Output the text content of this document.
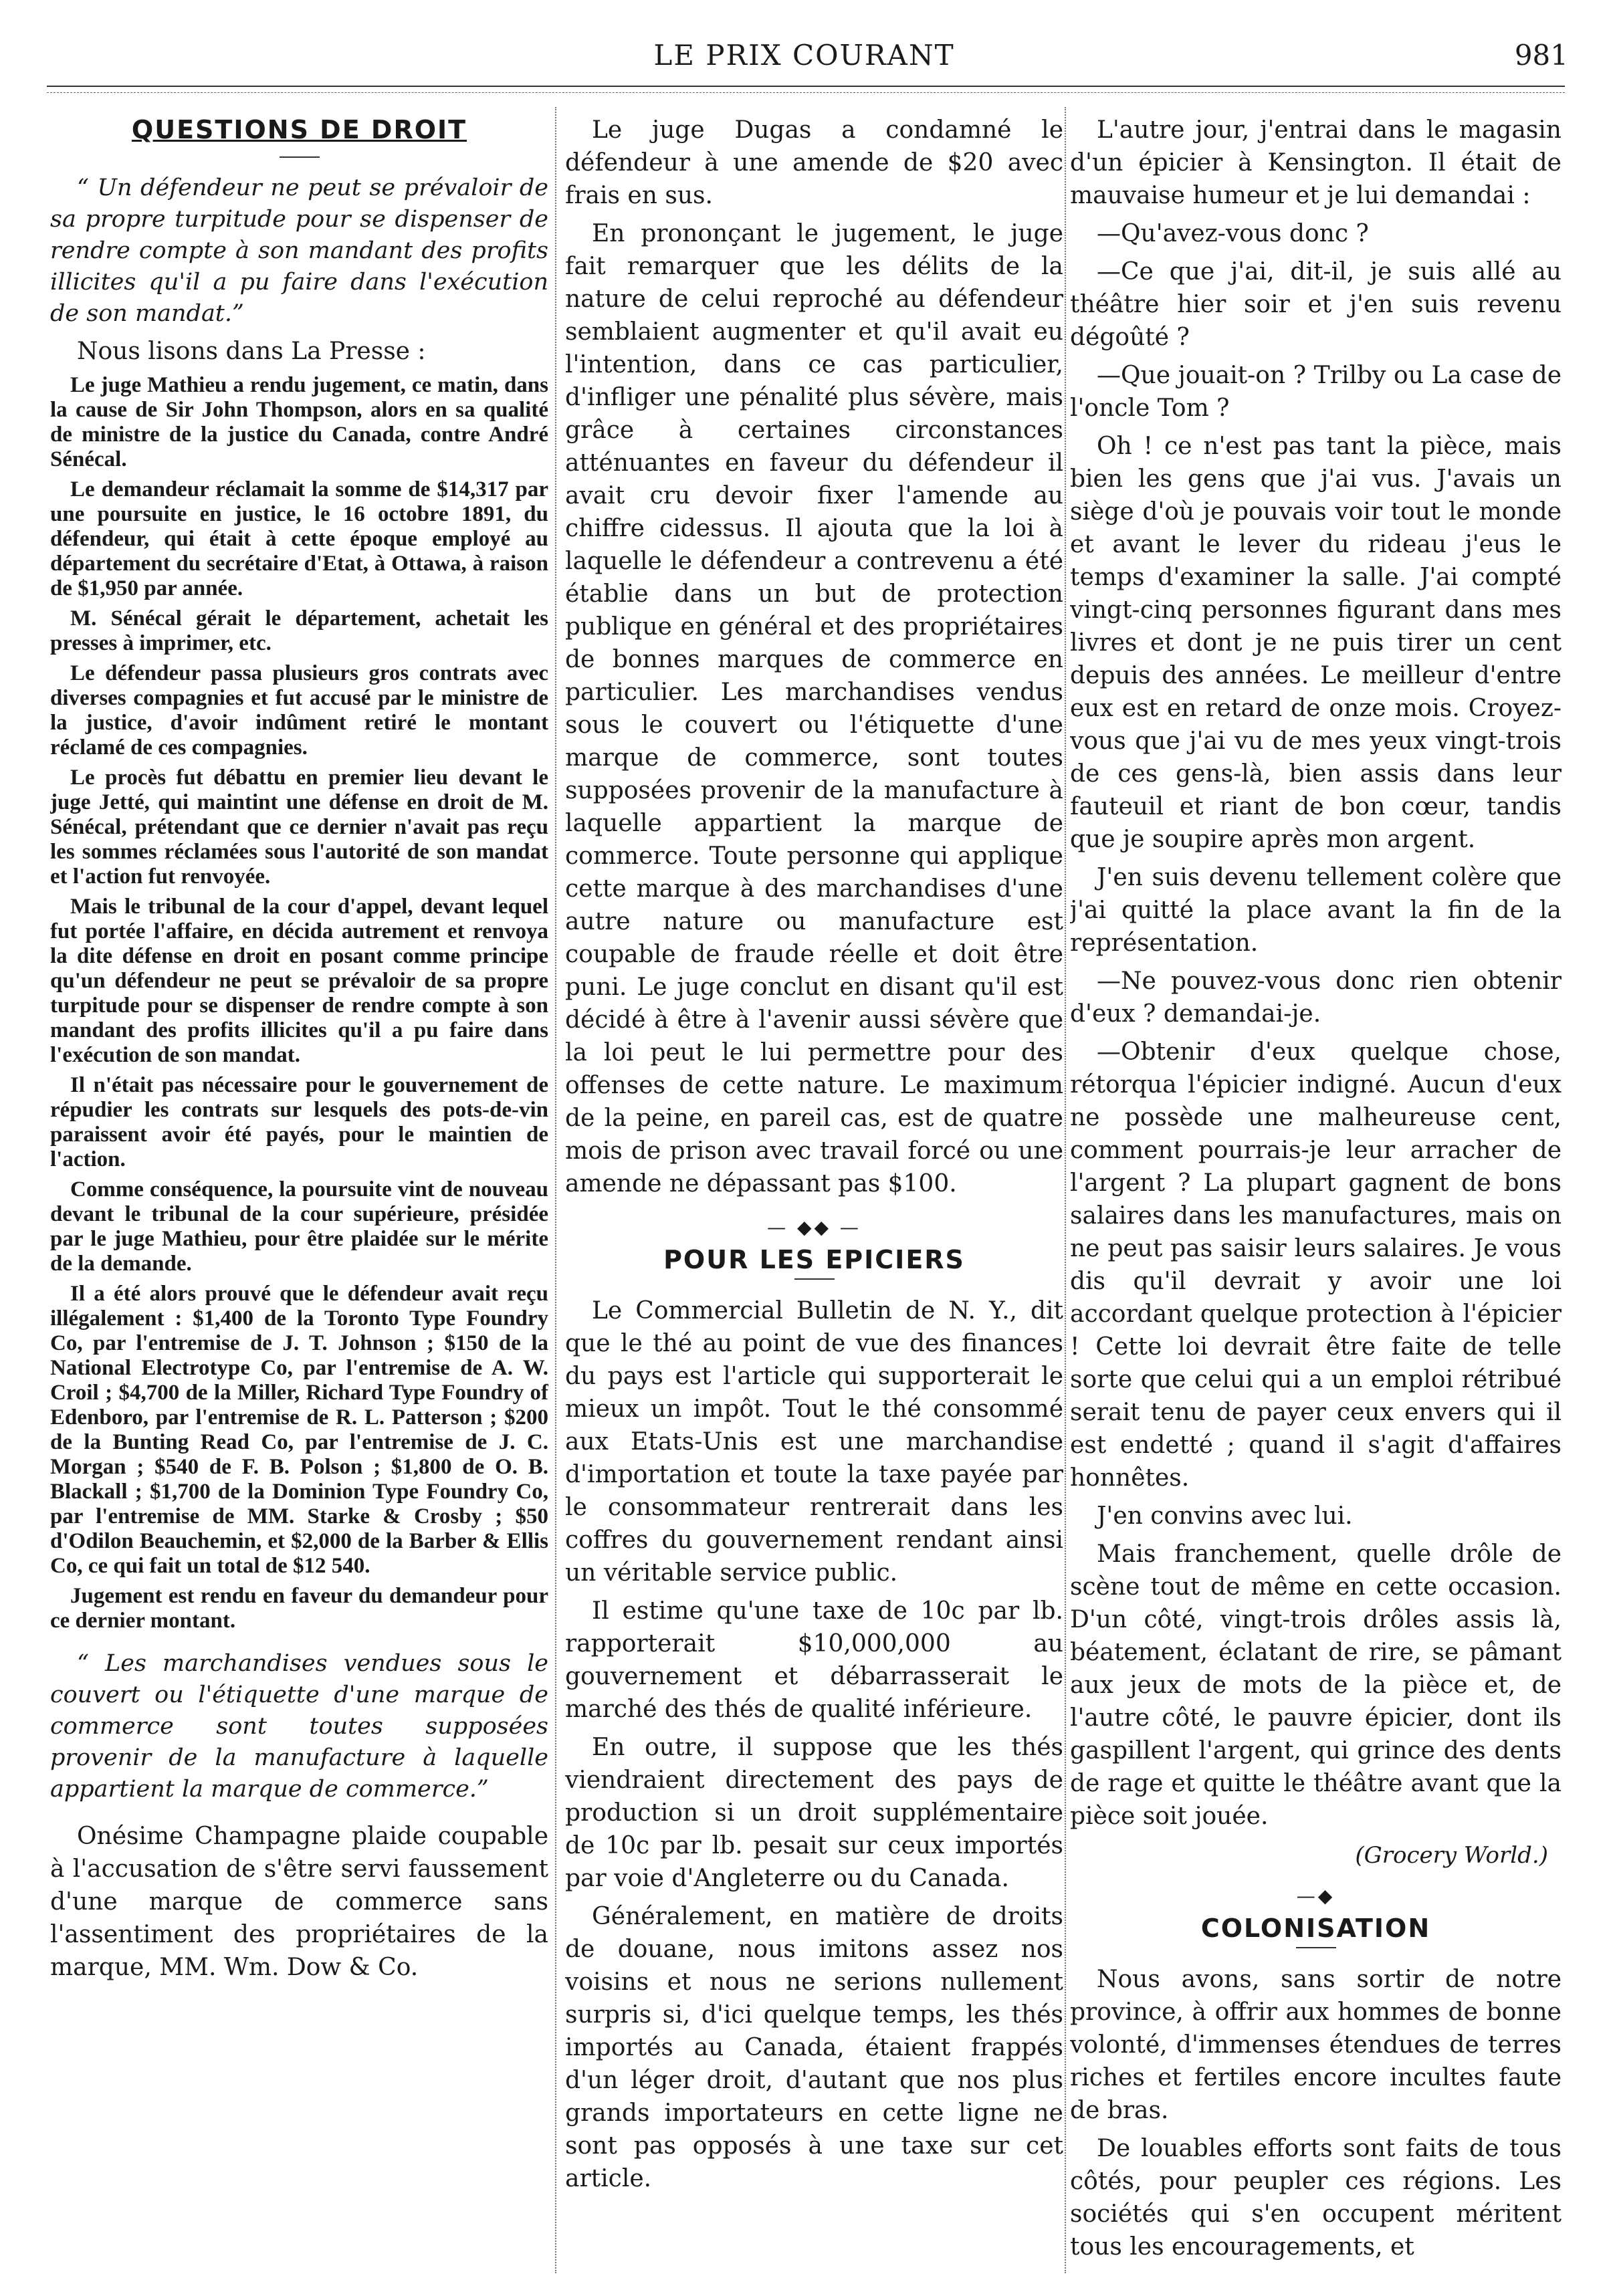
LE PRIX COURANT	981
QUESTIONS DE DROIT

“ Un défendeur ne peut se prévaloir de sa propre turpitude pour se dispenser de rendre compte à son mandant des profits illicites qu'il a pu faire dans l'exécution de son mandat.”

Nous lisons dans La Presse :

Le juge Mathieu a rendu jugement, ce matin, dans la cause de Sir John Thompson, alors en sa qualité de ministre de la justice du Canada, contre André Sénécal.

Le demandeur réclamait la somme de $14,317 par une poursuite en justice, le 16 octobre 1891, du défendeur, qui était à cette époque employé au département du secrétaire d'Etat, à Ottawa, à raison de $1,950 par année.

M. Sénécal gérait le département, achetait les presses à imprimer, etc.

Le défendeur passa plusieurs gros contrats avec diverses compagnies et fut accusé par le ministre de la justice, d'avoir indûment retiré le montant réclamé de ces compagnies.

Le procès fut débattu en premier lieu devant le juge Jetté, qui maintint une défense en droit de M. Sénécal, prétendant que ce dernier n'avait pas reçu les sommes réclamées sous l'autorité de son mandat et l'action fut renvoyée.

Mais le tribunal de la cour d'appel, devant lequel fut portée l'affaire, en décida autrement et renvoya la dite défense en droit en posant comme principe qu'un défendeur ne peut se prévaloir de sa propre turpitude pour se dispenser de rendre compte à son mandant des profits illicites qu'il a pu faire dans l'exécution de son mandat.

Il n'était pas nécessaire pour le gouvernement de répudier les contrats sur lesquels des pots-de-vin paraissent avoir été payés, pour le maintien de l'action.

Comme conséquence, la poursuite vint de nouveau devant le tribunal de la cour supérieure, présidée par le juge Mathieu, pour être plaidée sur le mérite de la demande.

Il a été alors prouvé que le défendeur avait reçu illégalement : $1,400 de la Toronto Type Foundry Co, par l'entremise de J. T. Johnson ; $150 de la National Electrotype Co, par l'entremise de A. W. Croil ; $4,700 de la Miller, Richard Type Foundry of Edenboro, par l'entremise de R. L. Patterson ; $200 de la Bunting Read Co, par l'entremise de J. C. Morgan ; $540 de F. B. Polson ; $1,800 de O. B. Blackall ; $1,700 de la Dominion Type Foundry Co, par l'entremise de MM. Starke & Crosby ; $50 d'Odilon Beauchemin, et $2,000 de la Barber & Ellis Co, ce qui fait un total de $12 540.

Jugement est rendu en faveur du demandeur pour ce dernier montant.

“ Les marchandises vendues sous le couvert ou l'étiquette d'une marque de commerce sont toutes supposées provenir de la manufacture à laquelle appartient la marque de commerce.”

Onésime Champagne plaide coupable à l'accusation de s'être servi faussement d'une marque de commerce sans l'assentiment des propriétaires de la marque, MM. Wm. Dow & Co.

Le juge Dugas a condamné le défendeur à une amende de $20 avec frais en sus.

En prononçant le jugement, le juge fait remarquer que les délits de la nature de celui reproché au défendeur semblaient augmenter et qu'il avait eu l'intention, dans ce cas particulier, d'infliger une pénalité plus sévère, mais grâce à certaines circonstances atténuantes en faveur du défendeur il avait cru devoir fixer l'amende au chiffre cidessus. Il ajouta que la loi à laquelle le défendeur a contrevenu a été établie dans un but de protection publique en général et des propriétaires de bonnes marques de commerce en particulier. Les marchandises vendus sous le couvert ou l'étiquette d'une marque de commerce, sont toutes supposées provenir de la manufacture à laquelle appartient la marque de commerce. Toute personne qui applique cette marque à des marchandises d'une autre nature ou manufacture est coupable de fraude réelle et doit être puni. Le juge conclut en disant qu'il est décidé à être à l'avenir aussi sévère que la loi peut le lui permettre pour des offenses de cette nature. Le maximum de la peine, en pareil cas, est de quatre mois de prison avec travail forcé ou une amende ne dépassant pas $100.

— ◆◆ —
POUR LES EPICIERS

Le Commercial Bulletin de N. Y., dit que le thé au point de vue des finances du pays est l'article qui supporterait le mieux un impôt. Tout le thé consommé aux Etats-Unis est une marchandise d'importation et toute la taxe payée par le consommateur rentrerait dans les coffres du gouvernement rendant ainsi un véritable service public.

Il estime qu'une taxe de 10c par lb. rapporterait $10,000,000 au gouvernement et débarrasserait le marché des thés de qualité inférieure.

En outre, il suppose que les thés viendraient directement des pays de production si un droit supplémentaire de 10c par lb. pesait sur ceux importés par voie d'Angleterre ou du Canada.

Généralement, en matière de droits de douane, nous imitons assez nos voisins et nous ne serions nullement surpris si, d'ici quelque temps, les thés importés au Canada, étaient frappés d'un léger droit, d'autant que nos plus grands importateurs en cette ligne ne sont pas opposés à une taxe sur cet article.

L'autre jour, j'entrai dans le magasin d'un épicier à Kensington. Il était de mauvaise humeur et je lui demandai :

—Qu'avez-vous donc ?

—Ce que j'ai, dit-il, je suis allé au théâtre hier soir et j'en suis revenu dégoûté ?

—Que jouait-on ? Trilby ou La case de l'oncle Tom ?

Oh ! ce n'est pas tant la pièce, mais bien les gens que j'ai vus. J'avais un siège d'où je pouvais voir tout le monde et avant le lever du rideau j'eus le temps d'examiner la salle. J'ai compté vingt-cinq personnes figurant dans mes livres et dont je ne puis tirer un cent depuis des années. Le meilleur d'entre eux est en retard de onze mois. Croyez-vous que j'ai vu de mes yeux vingt-trois de ces gens-là, bien assis dans leur fauteuil et riant de bon cœur, tandis que je soupire après mon argent.

J'en suis devenu tellement colère que j'ai quitté la place avant la fin de la représentation.

—Ne pouvez-vous donc rien obtenir d'eux ? demandai-je.

—Obtenir d'eux quelque chose, rétorqua l'épicier indigné. Aucun d'eux ne possède une malheureuse cent, comment pourrais-je leur arracher de l'argent ? La plupart gagnent de bons salaires dans les manufactures, mais on ne peut pas saisir leurs salaires. Je vous dis qu'il devrait y avoir une loi accordant quelque protection à l'épicier ! Cette loi devrait être faite de telle sorte que celui qui a un emploi rétribué serait tenu de payer ceux envers qui il est endetté ; quand il s'agit d'affaires honnêtes.

J'en convins avec lui.

Mais franchement, quelle drôle de scène tout de même en cette occasion. D'un côté, vingt-trois drôles assis là, béatement, éclatant de rire, se pâmant aux jeux de mots de la pièce et, de l'autre côté, le pauvre épicier, dont ils gaspillent l'argent, qui grince des dents de rage et quitte le théâtre avant que la pièce soit jouée.

(Grocery World.)
—◆
COLONISATION

Nous avons, sans sortir de notre province, à offrir aux hommes de bonne volonté, d'immenses étendues de terres riches et fertiles encore incultes faute de bras.

De louables efforts sont faits de tous côtés, pour peupler ces régions. Les sociétés qui s'en occupent méritent tous les encouragements, et
